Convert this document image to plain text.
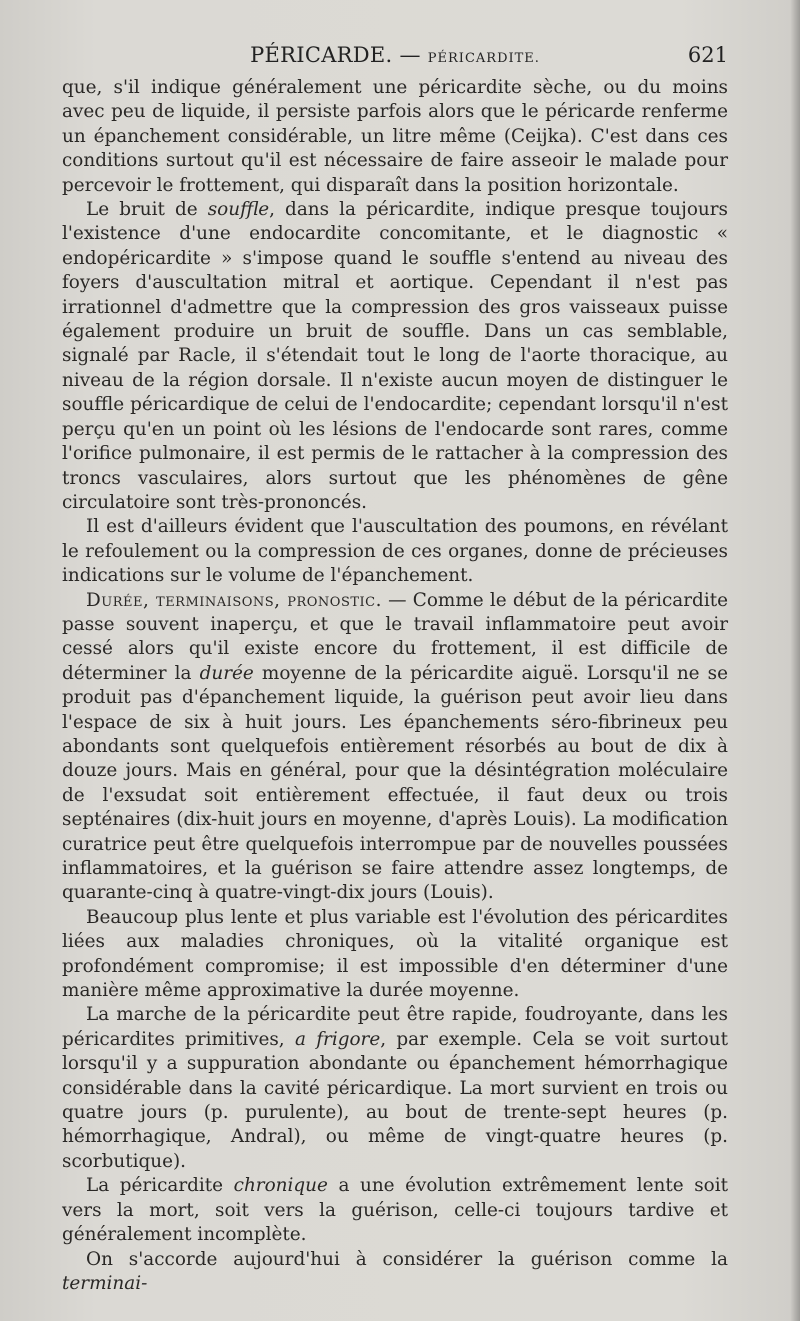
PÉRICARDE. — PÉRICARDITE.	621

que, s'il indique généralement une péricardite sèche, ou du moins avec peu de liquide, il persiste parfois alors que le péricarde renferme un épanchement considérable, un litre même (Ceijka). C'est dans ces conditions surtout qu'il est nécessaire de faire asseoir le malade pour percevoir le frottement, qui disparaît dans la position horizontale.

Le bruit de souffle, dans la péricardite, indique presque toujours l'existence d'une endocardite concomitante, et le diagnostic « endopéricardite » s'impose quand le souffle s'entend au niveau des foyers d'auscultation mitral et aortique. Cependant il n'est pas irrationnel d'admettre que la compression des gros vaisseaux puisse également produire un bruit de souffle. Dans un cas semblable, signalé par Racle, il s'étendait tout le long de l'aorte thoracique, au niveau de la région dorsale. Il n'existe aucun moyen de distinguer le souffle péricardique de celui de l'endocardite; cependant lorsqu'il n'est perçu qu'en un point où les lésions de l'endocarde sont rares, comme l'orifice pulmonaire, il est permis de le rattacher à la compression des troncs vasculaires, alors surtout que les phénomènes de gêne circulatoire sont très-prononcés.

Il est d'ailleurs évident que l'auscultation des poumons, en révélant le refoulement ou la compression de ces organes, donne de précieuses indications sur le volume de l'épanchement.

Durée, terminaisons, pronostic. — Comme le début de la péricardite passe souvent inaperçu, et que le travail inflammatoire peut avoir cessé alors qu'il existe encore du frottement, il est difficile de déterminer la durée moyenne de la péricardite aiguë. Lorsqu'il ne se produit pas d'épanchement liquide, la guérison peut avoir lieu dans l'espace de six à huit jours. Les épanchements séro-fibrineux peu abondants sont quelquefois entièrement résorbés au bout de dix à douze jours. Mais en général, pour que la désintégration moléculaire de l'exsudat soit entièrement effectuée, il faut deux ou trois septénaires (dix-huit jours en moyenne, d'après Louis). La modification curatrice peut être quelquefois interrompue par de nouvelles poussées inflammatoires, et la guérison se faire attendre assez longtemps, de quarante-cinq à quatre-vingt-dix jours (Louis).

Beaucoup plus lente et plus variable est l'évolution des péricardites liées aux maladies chroniques, où la vitalité organique est profondément compromise; il est impossible d'en déterminer d'une manière même approximative la durée moyenne.

La marche de la péricardite peut être rapide, foudroyante, dans les péricardites primitives, a frigore, par exemple. Cela se voit surtout lorsqu'il y a suppuration abondante ou épanchement hémorrhagique considérable dans la cavité péricardique. La mort survient en trois ou quatre jours (p. purulente), au bout de trente-sept heures (p. hémorrhagique, Andral), ou même de vingt-quatre heures (p. scorbutique).

La péricardite chronique a une évolution extrêmement lente soit vers la mort, soit vers la guérison, celle-ci toujours tardive et généralement incomplète.

On s'accorde aujourd'hui à considérer la guérison comme la terminai-
